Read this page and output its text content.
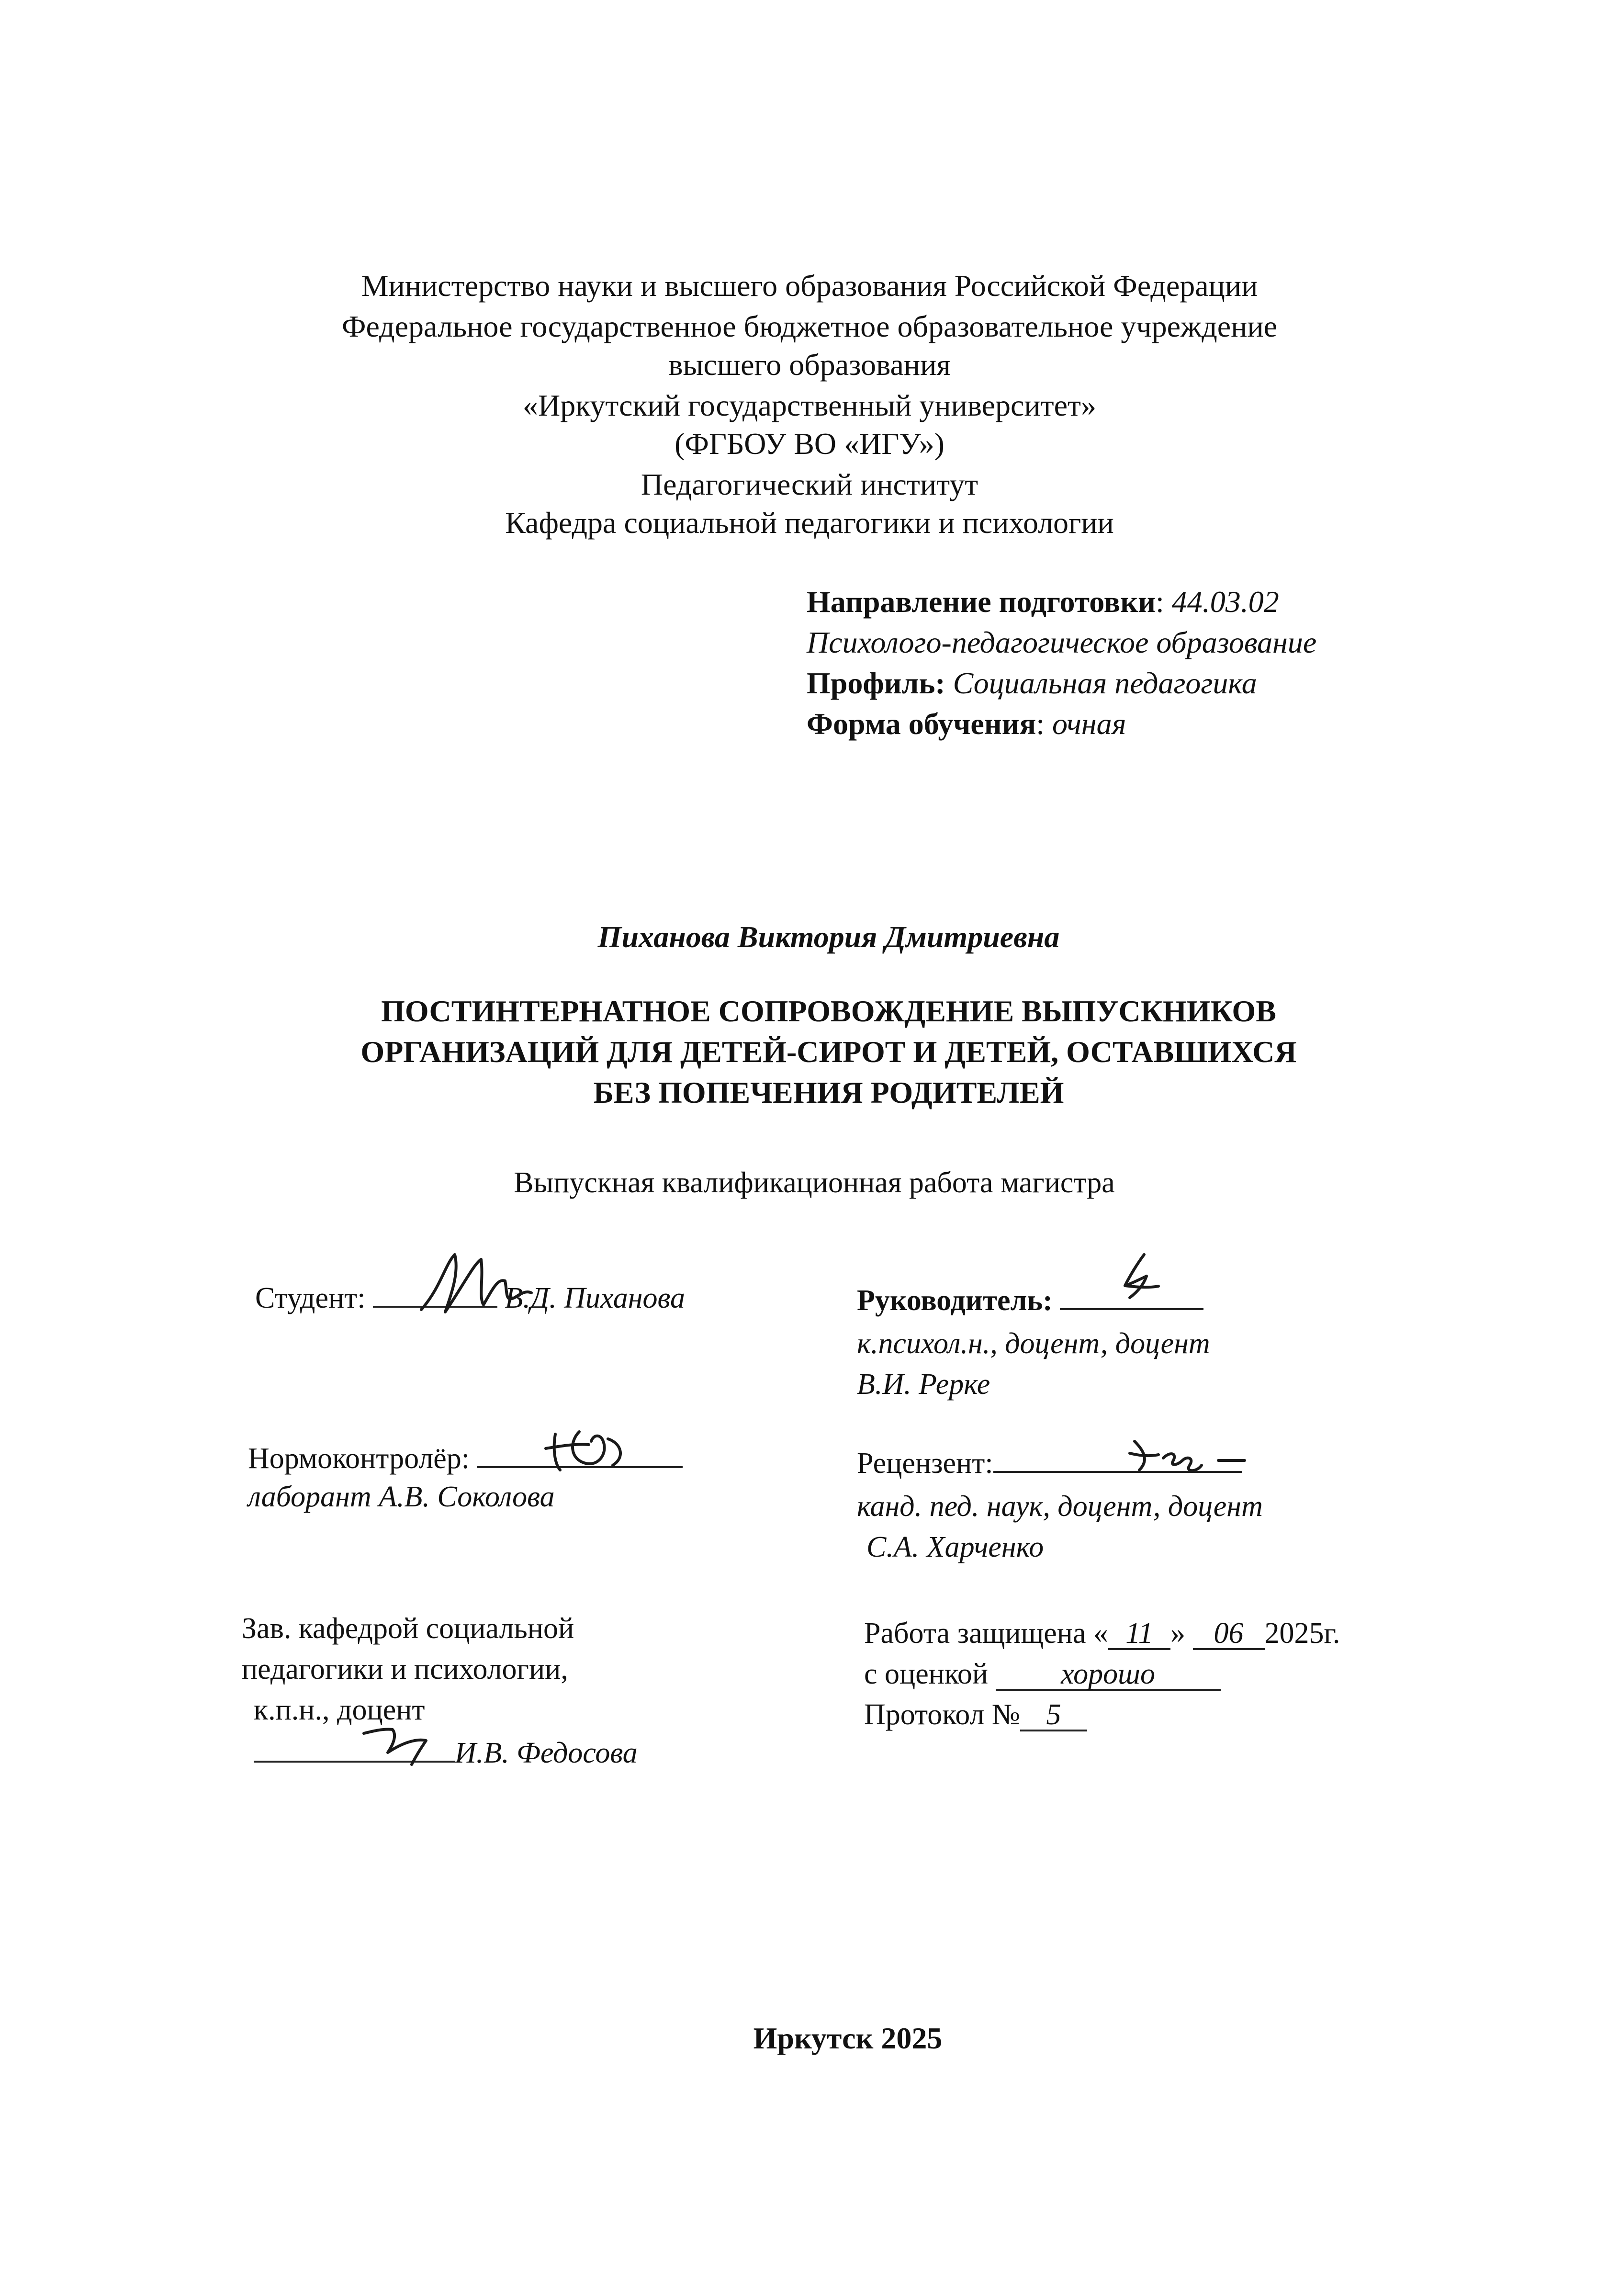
Министерство науки и высшего образования Российской Федерации
Федеральное государственное бюджетное образовательное учреждение
высшего образования
«Иркутский государственный университет»
(ФГБОУ ВО «ИГУ»)
Педагогический институт
Кафедра социальной педагогики и психологии
Направление подготовки: 44.03.02
Психолого-педагогическое образование
Профиль: Социальная педагогика
Форма обучения: очная
Пиханова Виктория Дмитриевна
ПОСТИНТЕРНАТНОЕ СОПРОВОЖДЕНИЕ ВЫПУСКНИКОВ
ОРГАНИЗАЦИЙ ДЛЯ ДЕТЕЙ-СИРОТ И ДЕТЕЙ, ОСТАВШИХСЯ
БЕЗ ПОПЕЧЕНИЯ РОДИТЕЛЕЙ
Выпускная квалификационная работа магистра
Студент:	В.Д. Пиханова	Руководитель:
к.психол.н., доцент, доцент
В.И. Рерке
Нормоконтролёр:
лаборант А.В. Соколова
Рецензент:
канд. пед. наук, доцент, доцент
С.А. Харченко
Зав. кафедрой социальной
педагогики и психологии,
к.п.н., доцент
И.В. Федосова
Работа защищена « 11 » 06 2025г.
с оценкой хорошо
Протокол № 5
Иркутск 2025
